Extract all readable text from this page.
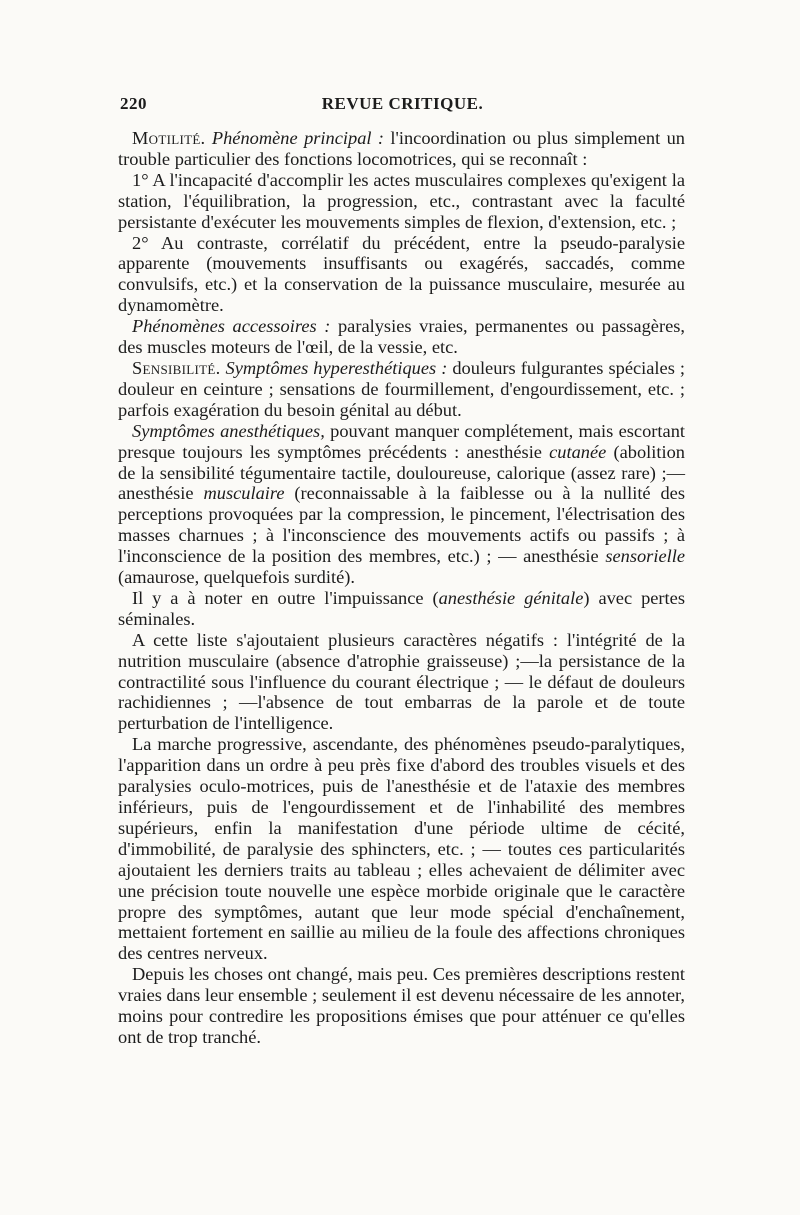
220	REVUE CRITIQUE.

Motilité. Phénomène principal : l'incoordination ou plus simplement un trouble particulier des fonctions locomotrices, qui se reconnaît :

1° A l'incapacité d'accomplir les actes musculaires complexes qu'exigent la station, l'équilibration, la progression, etc., contrastant avec la faculté persistante d'exécuter les mouvements simples de flexion, d'extension, etc. ;

2° Au contraste, corrélatif du précédent, entre la pseudo-paralysie apparente (mouvements insuffisants ou exagérés, saccadés, comme convulsifs, etc.) et la conservation de la puissance musculaire, mesurée au dynamomètre.

Phénomènes accessoires : paralysies vraies, permanentes ou passagères, des muscles moteurs de l'œil, de la vessie, etc.

Sensibilité. Symptômes hyperesthétiques : douleurs fulgurantes spéciales ; douleur en ceinture ; sensations de fourmillement, d'engourdissement, etc. ; parfois exagération du besoin génital au début.

Symptômes anesthétiques, pouvant manquer complétement, mais escortant presque toujours les symptômes précédents : anesthésie cutanée (abolition de la sensibilité tégumentaire tactile, douloureuse, calorique (assez rare) ;—anesthésie musculaire (reconnaissable à la faiblesse ou à la nullité des perceptions provoquées par la compression, le pincement, l'électrisation des masses charnues ; à l'inconscience des mouvements actifs ou passifs ; à l'inconscience de la position des membres, etc.) ; — anesthésie sensorielle (amaurose, quelquefois surdité).

Il y a à noter en outre l'impuissance (anesthésie génitale) avec pertes séminales.

A cette liste s'ajoutaient plusieurs caractères négatifs : l'intégrité de la nutrition musculaire (absence d'atrophie graisseuse) ;—la persistance de la contractilité sous l'influence du courant électrique ; — le défaut de douleurs rachidiennes ; —l'absence de tout embarras de la parole et de toute perturbation de l'intelligence.

La marche progressive, ascendante, des phénomènes pseudo-paralytiques, l'apparition dans un ordre à peu près fixe d'abord des troubles visuels et des paralysies oculo-motrices, puis de l'anesthésie et de l'ataxie des membres inférieurs, puis de l'engourdissement et de l'inhabilité des membres supérieurs, enfin la manifestation d'une période ultime de cécité, d'immobilité, de paralysie des sphincters, etc. ; — toutes ces particularités ajoutaient les derniers traits au tableau ; elles achevaient de délimiter avec une précision toute nouvelle une espèce morbide originale que le caractère propre des symptômes, autant que leur mode spécial d'enchaînement, mettaient fortement en saillie au milieu de la foule des affections chroniques des centres nerveux.

Depuis les choses ont changé, mais peu. Ces premières descriptions restent vraies dans leur ensemble ; seulement il est devenu nécessaire de les annoter, moins pour contredire les propositions émises que pour atténuer ce qu'elles ont de trop tranché.
